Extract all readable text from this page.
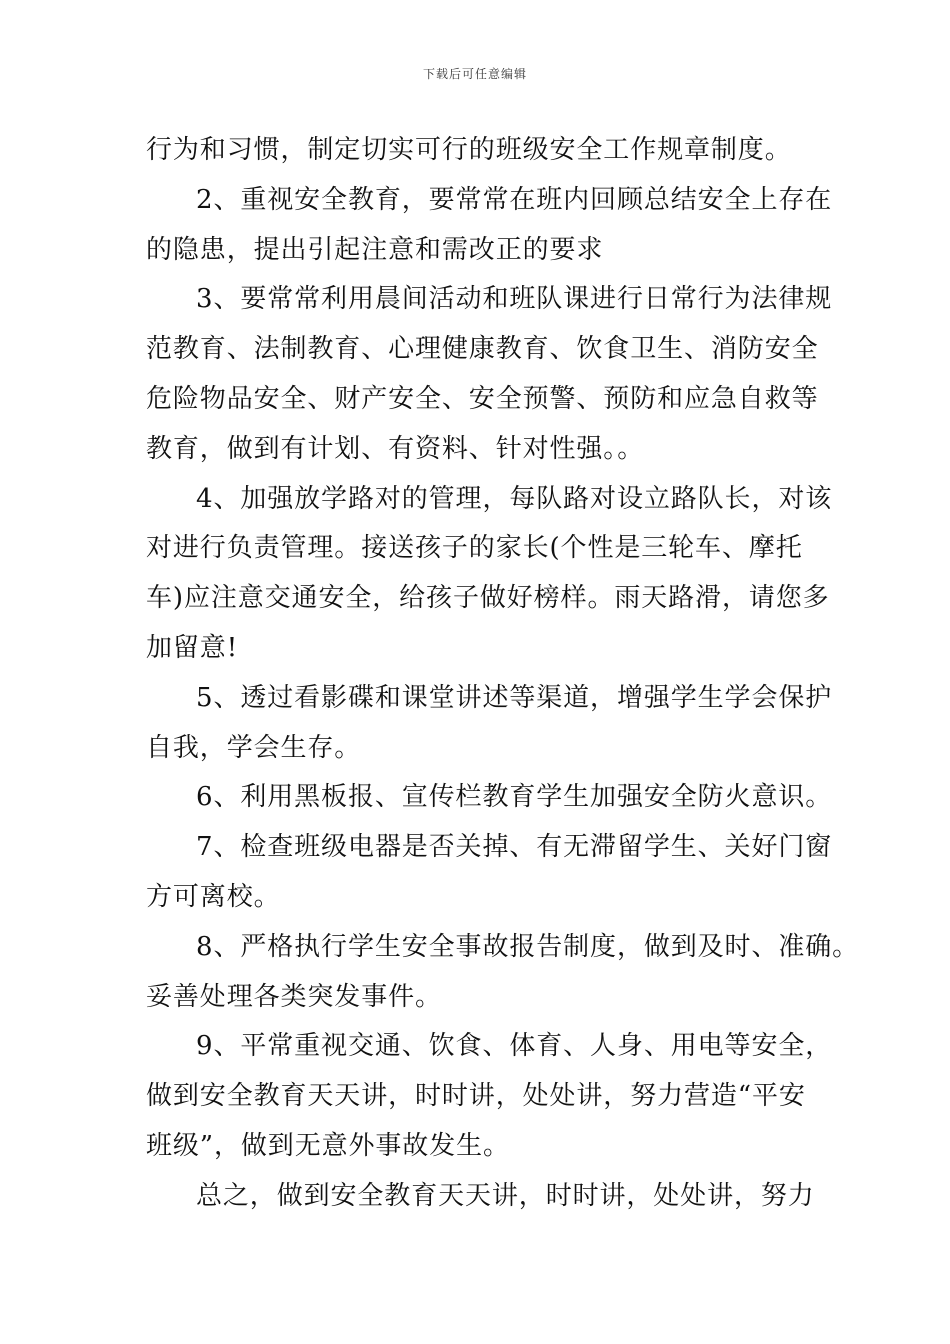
下载后可任意编辑
行为和习惯，制定切实可行的班级安全工作规章制度。
2、重视安全教育，要常常在班内回顾总结安全上存在
的隐患，提出引起注意和需改正的要求
3、要常常利用晨间活动和班队课进行日常行为法律规
范教育、法制教育、心理健康教育、饮食卫生、消防安全
危险物品安全、财产安全、安全预警、预防和应急自救等
教育，做到有计划、有资料、针对性强。。
4、加强放学路对的管理，每队路对设立路队长，对该
对进行负责管理。接送孩子的家长(个性是三轮车、摩托
车)应注意交通安全，给孩子做好榜样。雨天路滑，请您多
加留意!
5、透过看影碟和课堂讲述等渠道，增强学生学会保护
自我，学会生存。
6、利用黑板报、宣传栏教育学生加强安全防火意识。
7、检查班级电器是否关掉、有无滞留学生、关好门窗
方可离校。
8、严格执行学生安全事故报告制度，做到及时、准确。
妥善处理各类突发事件。
9、平常重视交通、饮食、体育、人身、用电等安全，
做到安全教育天天讲，时时讲，处处讲，努力营造“平安
班级”，做到无意外事故发生。
总之，做到安全教育天天讲，时时讲，处处讲，努力
